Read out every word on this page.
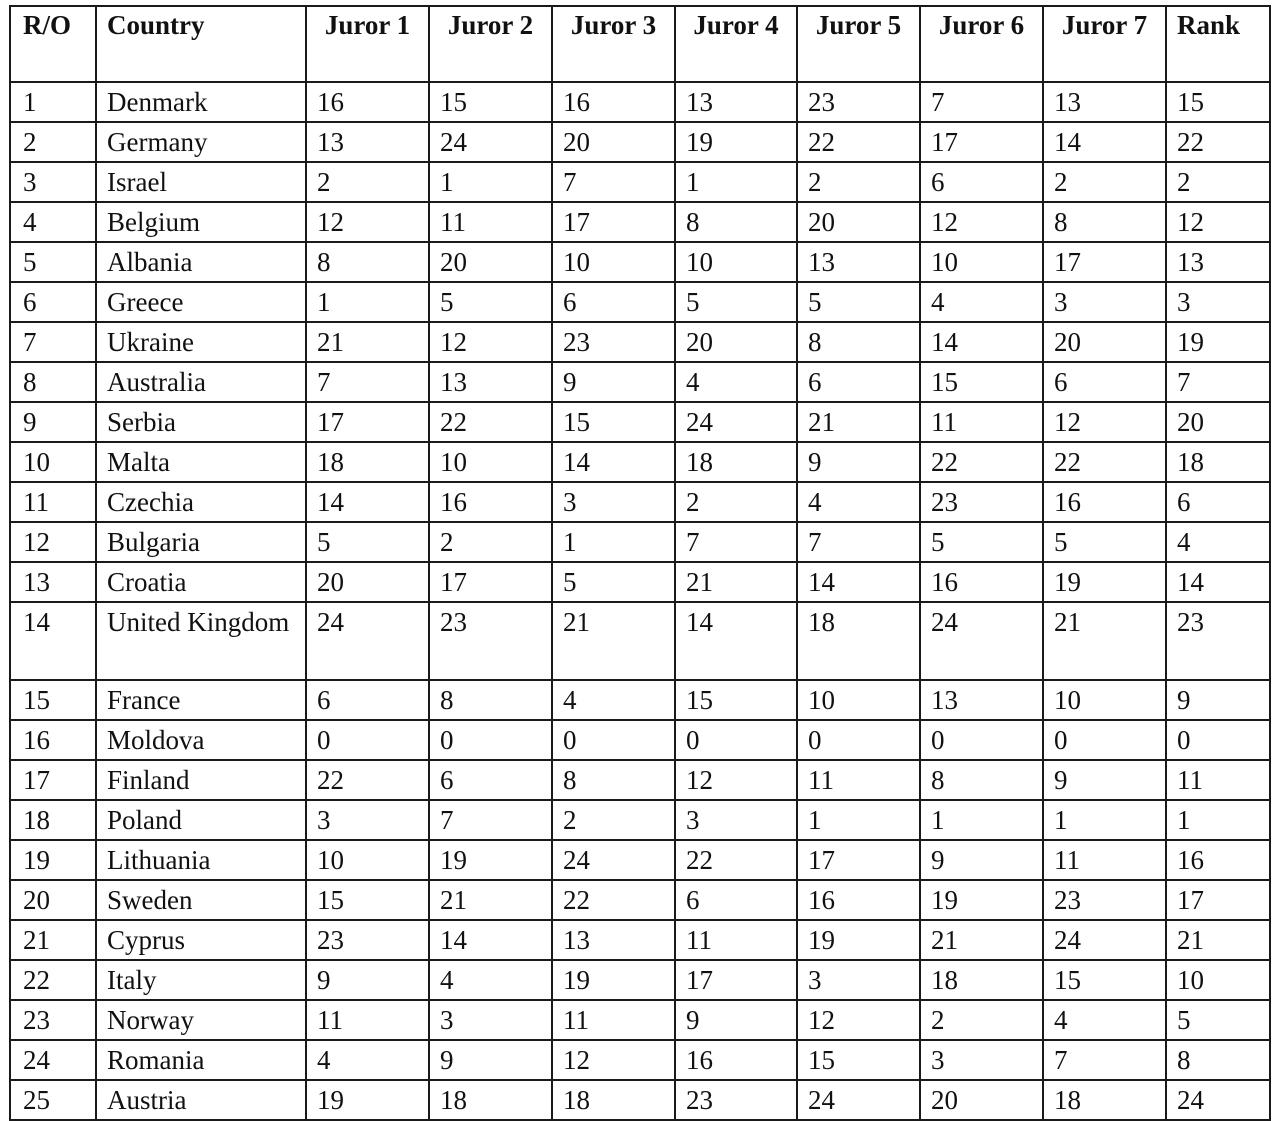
R/O	Country	Juror 1	Juror 2	Juror 3	Juror 4	Juror 5	Juror 6	Juror 7	Rank
1	Denmark	16	15	16	13	23	7	13	15
2	Germany	13	24	20	19	22	17	14	22
3	Israel	2	1	7	1	2	6	2	2
4	Belgium	12	11	17	8	20	12	8	12
5	Albania	8	20	10	10	13	10	17	13
6	Greece	1	5	6	5	5	4	3	3
7	Ukraine	21	12	23	20	8	14	20	19
8	Australia	7	13	9	4	6	15	6	7
9	Serbia	17	22	15	24	21	11	12	20
10	Malta	18	10	14	18	9	22	22	18
11	Czechia	14	16	3	2	4	23	16	6
12	Bulgaria	5	2	1	7	7	5	5	4
13	Croatia	20	17	5	21	14	16	19	14
14	United Kingdom	24	23	21	14	18	24	21	23
15	France	6	8	4	15	10	13	10	9
16	Moldova	0	0	0	0	0	0	0	0
17	Finland	22	6	8	12	11	8	9	11
18	Poland	3	7	2	3	1	1	1	1
19	Lithuania	10	19	24	22	17	9	11	16
20	Sweden	15	21	22	6	16	19	23	17
21	Cyprus	23	14	13	11	19	21	24	21
22	Italy	9	4	19	17	3	18	15	10
23	Norway	11	3	11	9	12	2	4	5
24	Romania	4	9	12	16	15	3	7	8
25	Austria	19	18	18	23	24	20	18	24
